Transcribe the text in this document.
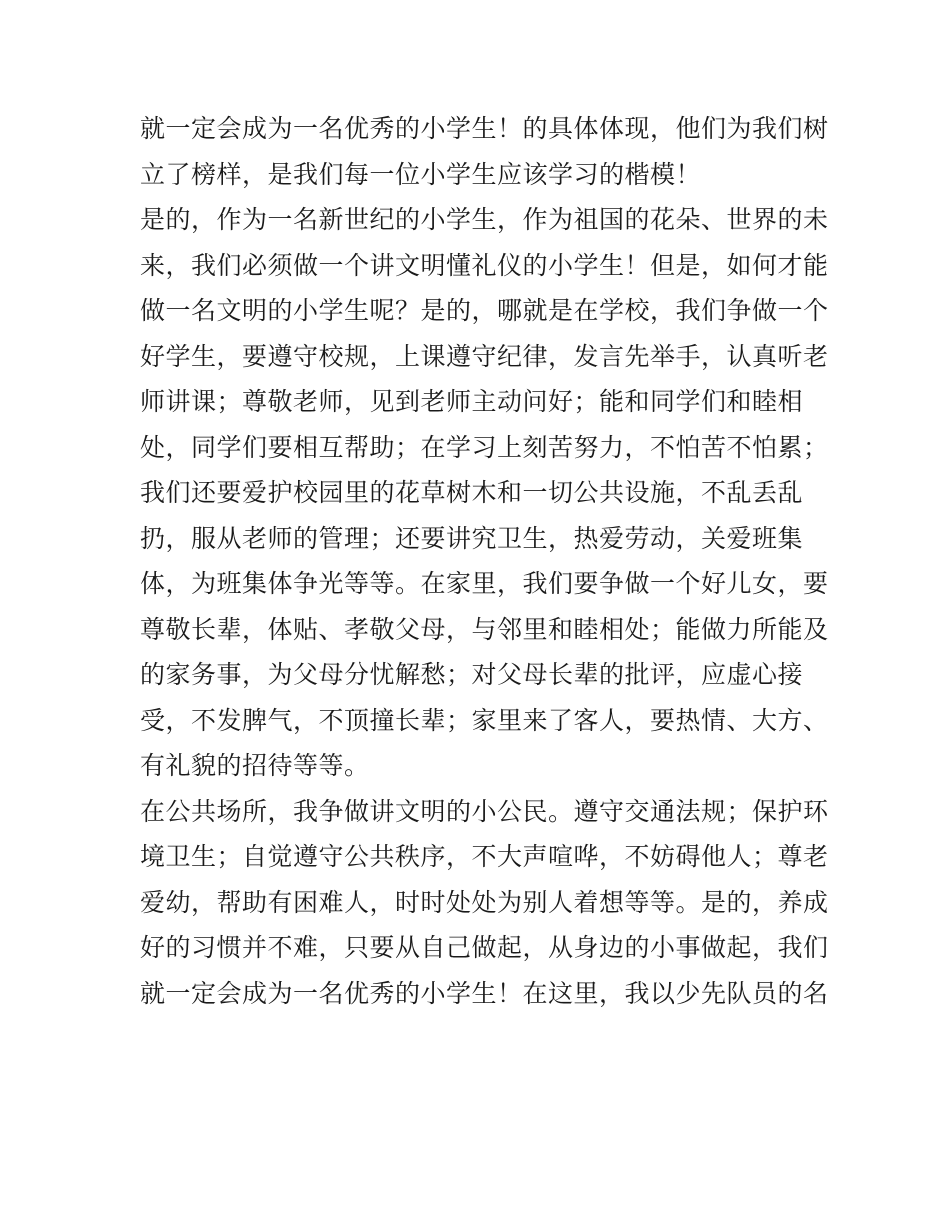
就一定会成为一名优秀的小学生！的具体体现，他们为我们树
立了榜样，是我们每一位小学生应该学习的楷模！
是的，作为一名新世纪的小学生，作为祖国的花朵、世界的未
来，我们必须做一个讲文明懂礼仪的小学生！但是，如何才能
做一名文明的小学生呢？是的，哪就是在学校，我们争做一个
好学生，要遵守校规，上课遵守纪律，发言先举手，认真听老
师讲课；尊敬老师，见到老师主动问好；能和同学们和睦相
处，同学们要相互帮助；在学习上刻苦努力，不怕苦不怕累；
我们还要爱护校园里的花草树木和一切公共设施，不乱丢乱
扔，服从老师的管理；还要讲究卫生，热爱劳动，关爱班集
体，为班集体争光等等。在家里，我们要争做一个好儿女，要
尊敬长辈，体贴、孝敬父母，与邻里和睦相处；能做力所能及
的家务事，为父母分忧解愁；对父母长辈的批评，应虚心接
受，不发脾气，不顶撞长辈；家里来了客人，要热情、大方、
有礼貌的招待等等。
在公共场所，我争做讲文明的小公民。遵守交通法规；保护环
境卫生；自觉遵守公共秩序，不大声喧哗，不妨碍他人；尊老
爱幼，帮助有困难人，时时处处为别人着想等等。是的，养成
好的习惯并不难，只要从自己做起，从身边的小事做起，我们
就一定会成为一名优秀的小学生！在这里，我以少先队员的名
